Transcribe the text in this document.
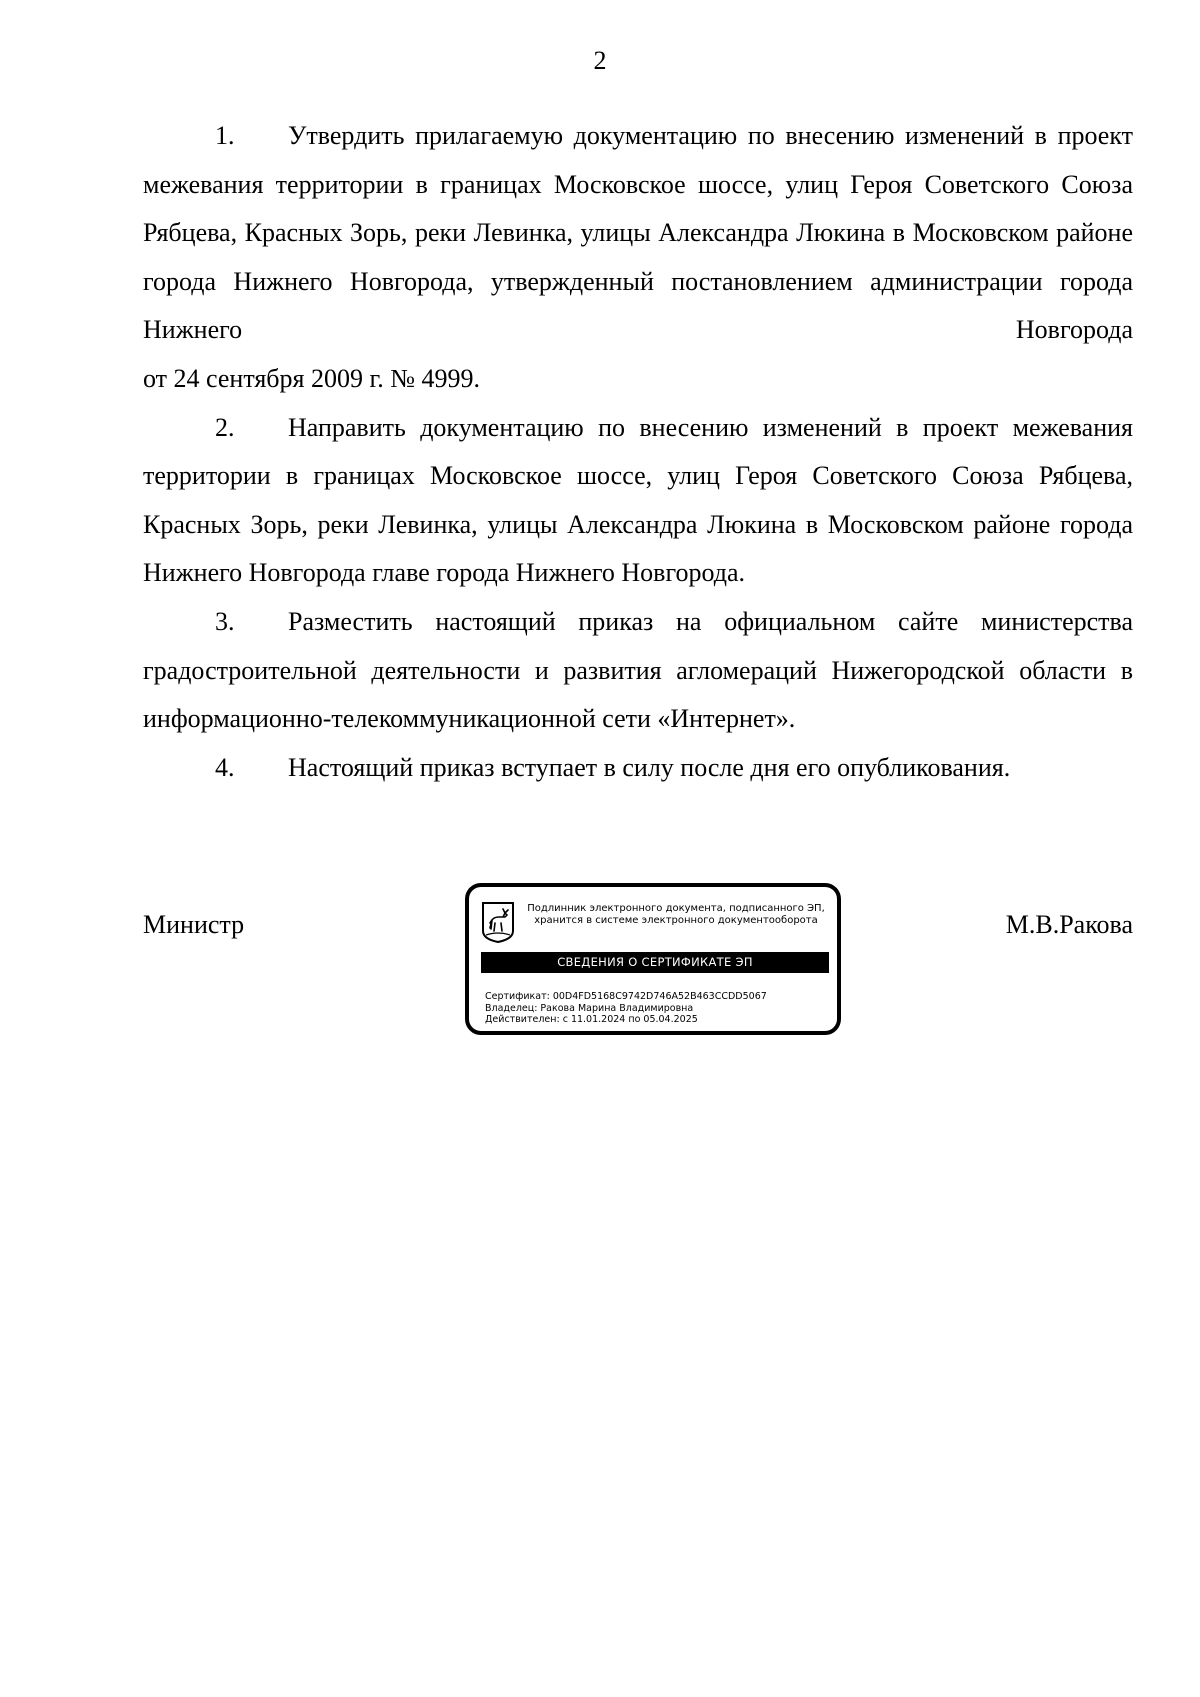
2

1. Утвердить прилагаемую документацию по внесению изменений в проект межевания территории в границах Московское шоссе, улиц Героя Советского Союза Рябцева, Красных Зорь, реки Левинка, улицы Александра Люкина в Московском районе города Нижнего Новгорода, утвержденный постановлением администрации города Нижнего Новгорода

от 24 сентября 2009 г. № 4999.

2. Направить документацию по внесению изменений в проект межевания территории в границах Московское шоссе, улиц Героя Советского Союза Рябцева, Красных Зорь, реки Левинка, улицы Александра Люкина в Московском районе города Нижнего Новгорода главе города Нижнего Новгорода.

3. Разместить настоящий приказ на официальном сайте министерства градостроительной деятельности и развития агломераций Нижегородской области в информационно-телекоммуникационной сети «Интернет».

4. Настоящий приказ вступает в силу после дня его опубликования.

Министр
Подлинник электронного документа, подписанного ЭП,
хранится в системе электронного документооборота
СВЕДЕНИЯ О СЕРТИФИКАТЕ ЭП
Сертификат: 00D4FD5168C9742D746A52B463CCDD5067
Владелец: Ракова Марина Владимировна
Действителен: с 11.01.2024 по 05.04.2025
М.В.Ракова
